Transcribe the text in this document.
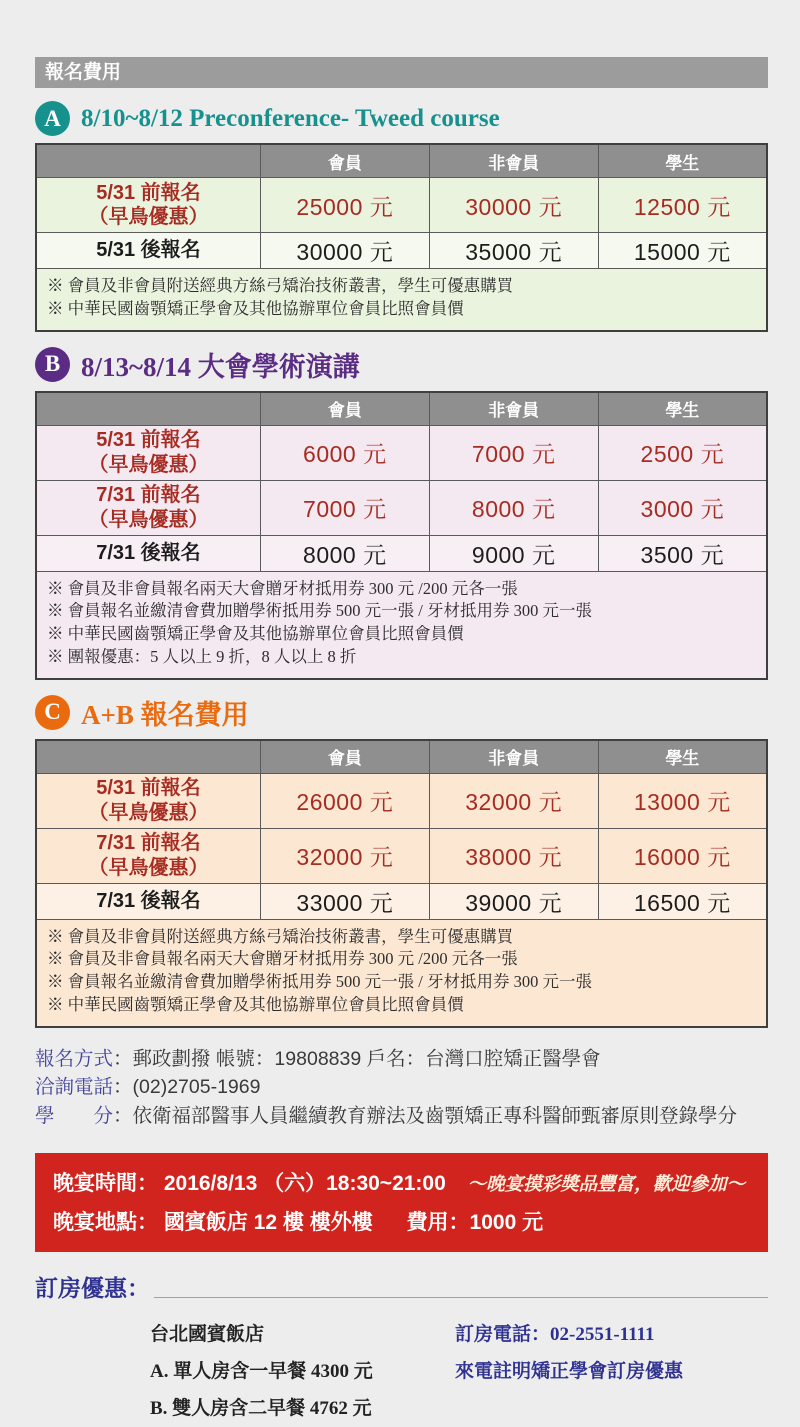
報名費用
A 8/10~8/12 Preconference- Tweed course
	會員	非會員	學生

5/31 前報名
（早鳥優惠）	25000 元	30000 元	12500 元
5/31 後報名	30000 元	35000 元	15000 元

※ 會員及非會員附送經典方絲弓矯治技術叢書，學生可優惠購買
※ 中華民國齒顎矯正學會及其他協辦單位會員比照會員價			
B 8/13~8/14 大會學術演講
	會員	非會員	學生

5/31 前報名
（早鳥優惠）	6000 元	7000 元	2500 元

7/31 前報名
（早鳥優惠）	7000 元	8000 元	3000 元
7/31 後報名	8000 元	9000 元	3500 元

※ 會員及非會員報名兩天大會贈牙材抵用券 300 元 /200 元各一張
※ 會員報名並繳清會費加贈學術抵用券 500 元一張 / 牙材抵用券 300 元一張
※ 中華民國齒顎矯正學會及其他協辦單位會員比照會員價
※ 團報優惠：5 人以上 9 折，8 人以上 8 折			
C A+B 報名費用
	會員	非會員	學生

5/31 前報名
（早鳥優惠）	26000 元	32000 元	13000 元

7/31 前報名
（早鳥優惠）	32000 元	38000 元	16000 元
7/31 後報名	33000 元	39000 元	16500 元

※ 會員及非會員附送經典方絲弓矯治技術叢書，學生可優惠購買
※ 會員及非會員報名兩天大會贈牙材抵用券 300 元 /200 元各一張
※ 會員報名並繳清會費加贈學術抵用券 500 元一張 / 牙材抵用券 300 元一張
※ 中華民國齒顎矯正學會及其他協辦單位會員比照會員價			
報名方式：郵政劃撥 帳號：19808839 戶名：台灣口腔矯正醫學會
洽詢電話：(02)2705-1969
學　　分：依衛福部醫事人員繼續教育辦法及齒顎矯正專科醫師甄審原則登錄學分
晚宴時間： 2016/8/13 （六）18:30~21:00 ～晚宴摸彩獎品豐富，歡迎參加～
晚宴地點： 國賓飯店 12 樓 樓外樓 費用：1000 元
訂房優惠：
台北國賓飯店
A. 單人房含一早餐 4300 元
B. 雙人房含二早餐 4762 元
訂房電話：02-2551-1111
來電註明矯正學會訂房優惠
